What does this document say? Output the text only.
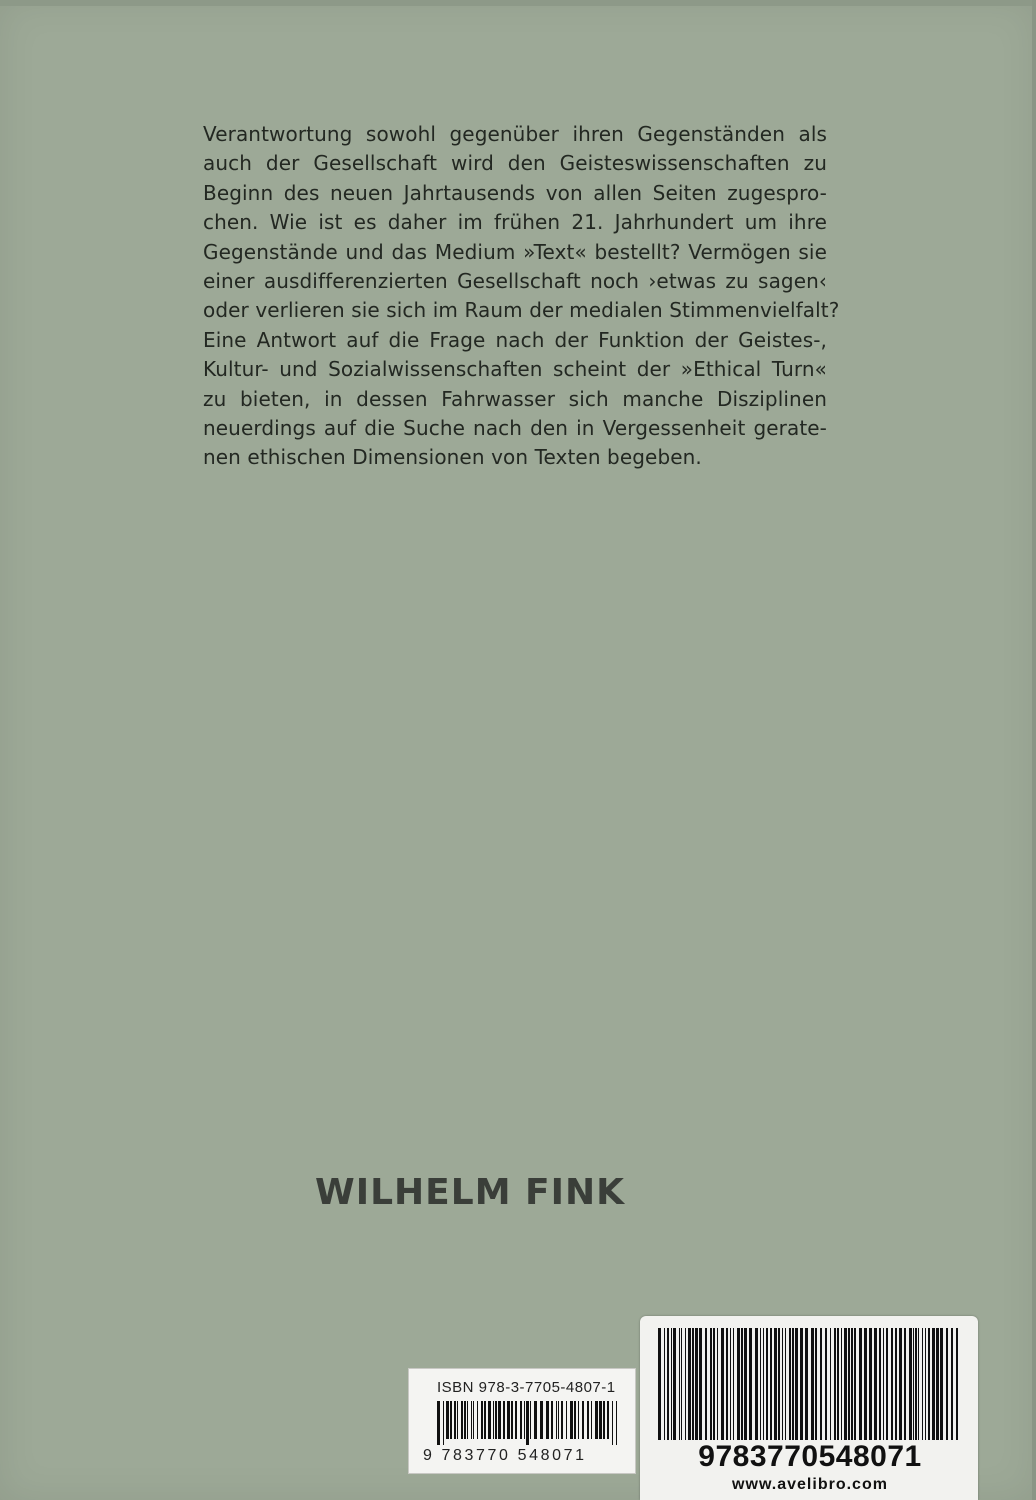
Verantwortung sowohl gegenüber ihren Gegenständen als
auch der Gesellschaft wird den Geisteswissenschaften zu
Beginn des neuen Jahrtausends von allen Seiten zugespro-
chen. Wie ist es daher im frühen 21. Jahrhundert um ihre
Gegenstände und das Medium »Text« bestellt? Vermögen sie
einer ausdifferenzierten Gesellschaft noch ›etwas zu sagen‹
oder verlieren sie sich im Raum der medialen Stimmenvielfalt?
Eine Antwort auf die Frage nach der Funktion der Geistes-,
Kultur- und Sozialwissenschaften scheint der »Ethical Turn«
zu bieten, in dessen Fahrwasser sich manche Disziplinen
neuerdings auf die Suche nach den in Vergessenheit gerate-
nen ethischen Dimensionen von Texten begeben.
WILHELM FINK
ISBN 978-3-7705-4807-1
9 783770 548071	9783770548071
www.avelibro.com
